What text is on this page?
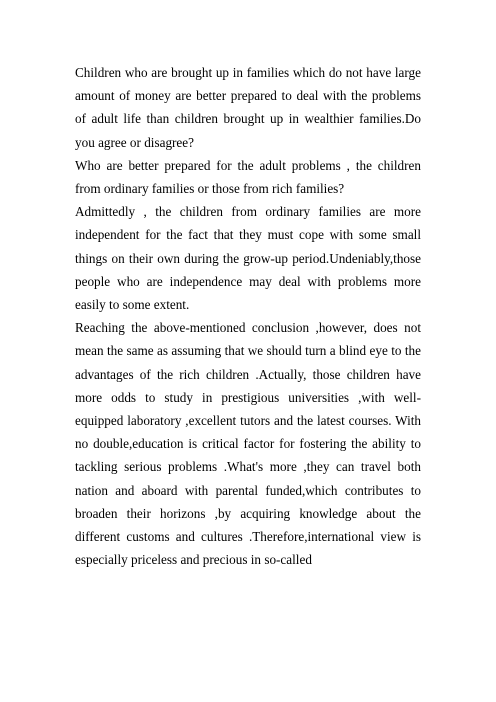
Children who are brought up in families which do not have large amount of money are better prepared to deal with the problems of adult life than children brought up in wealthier families.Do you agree or disagree?

Who are better prepared for the adult problems , the children from ordinary families or those from rich families?

Admittedly , the children from ordinary families are more independent for the fact that they must cope with some small things on their own during the grow-up period.Undeniably,those people who are independence may deal with problems more easily to some extent.

Reaching the above-mentioned conclusion ,however, does not mean the same as assuming that we should turn a blind eye to the advantages of the rich children .Actually, those children have more odds to study in prestigious universities ,with well-equipped laboratory ,excellent tutors and the latest courses. With no double,education is critical factor for fostering the ability to tackling serious problems .What's more ,they can travel both nation and aboard with parental funded,which contributes to broaden their horizons ,by acquiring knowledge about the different customs and cultures .Therefore,international view is especially priceless and precious in so-called
